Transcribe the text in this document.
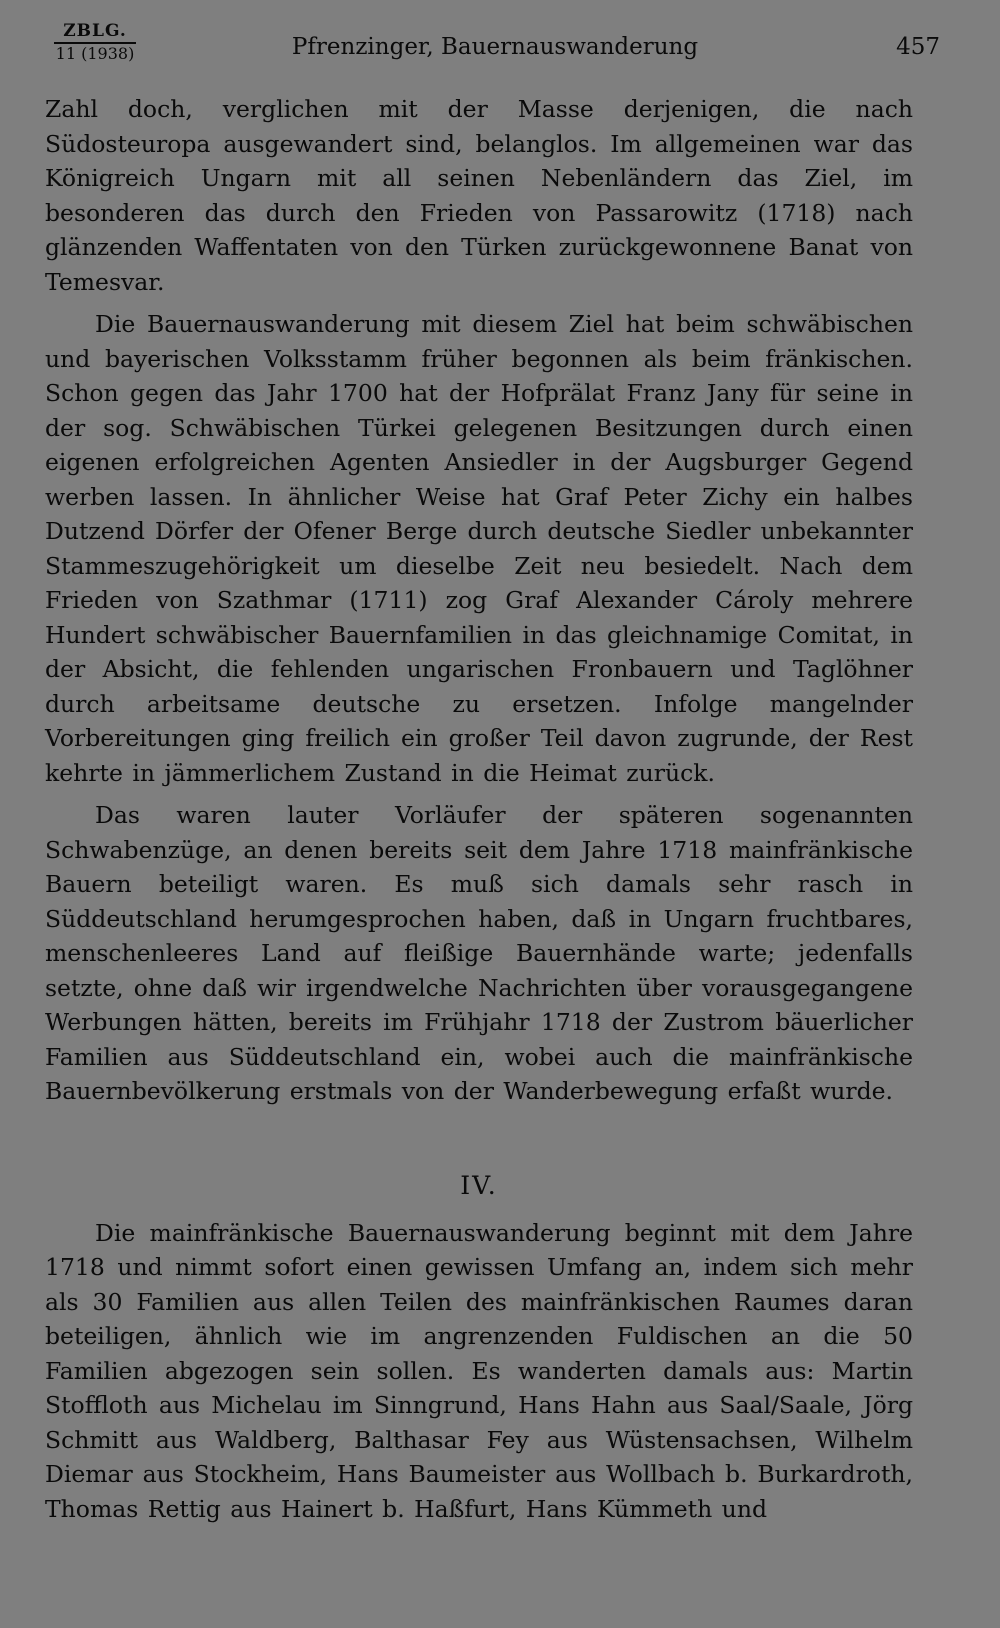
ZBLG.
11 (1938)	Pfrenzinger, Bauernauswanderung	457

Zahl doch, verglichen mit der Masse derjenigen, die nach Südosteuropa ausgewandert sind, belanglos. Im allgemeinen war das Königreich Ungarn mit all seinen Nebenländern das Ziel, im besonderen das durch den Frieden von Passarowitz (1718) nach glänzenden Waffentaten von den Türken zurückgewonnene Banat von Temesvar.

Die Bauernauswanderung mit diesem Ziel hat beim schwäbischen und bayerischen Volksstamm früher begonnen als beim fränkischen. Schon gegen das Jahr 1700 hat der Hofprälat Franz Jany für seine in der sog. Schwäbischen Türkei gelegenen Besitzungen durch einen eigenen erfolgreichen Agenten Ansiedler in der Augsburger Gegend werben lassen. In ähnlicher Weise hat Graf Peter Zichy ein halbes Dutzend Dörfer der Ofener Berge durch deutsche Siedler unbekannter Stammeszugehörigkeit um dieselbe Zeit neu besiedelt. Nach dem Frieden von Szathmar (1711) zog Graf Alexander Cároly mehrere Hundert schwäbischer Bauernfamilien in das gleichnamige Comitat, in der Absicht, die fehlenden ungarischen Fronbauern und Taglöhner durch arbeitsame deutsche zu ersetzen. Infolge mangelnder Vorbereitungen ging freilich ein großer Teil davon zugrunde, der Rest kehrte in jämmerlichem Zustand in die Heimat zurück.

Das waren lauter Vorläufer der späteren sogenannten Schwabenzüge, an denen bereits seit dem Jahre 1718 mainfränkische Bauern beteiligt waren. Es muß sich damals sehr rasch in Süddeutschland herumgesprochen haben, daß in Ungarn fruchtbares, menschenleeres Land auf fleißige Bauernhände warte; jedenfalls setzte, ohne daß wir irgendwelche Nachrichten über vorausgegangene Werbungen hätten, bereits im Frühjahr 1718 der Zustrom bäuerlicher Familien aus Süddeutschland ein, wobei auch die mainfränkische Bauernbevölkerung erstmals von der Wanderbewegung erfaßt wurde.

IV.

Die mainfränkische Bauernauswanderung beginnt mit dem Jahre 1718 und nimmt sofort einen gewissen Umfang an, indem sich mehr als 30 Familien aus allen Teilen des mainfränkischen Raumes daran beteiligen, ähnlich wie im angrenzenden Fuldischen an die 50 Familien abgezogen sein sollen. Es wanderten damals aus: Martin Stoffloth aus Michelau im Sinngrund, Hans Hahn aus Saal/Saale, Jörg Schmitt aus Waldberg, Balthasar Fey aus Wüstensachsen, Wilhelm Diemar aus Stockheim, Hans Baumeister aus Wollbach b. Burkardroth, Thomas Rettig aus Hainert b. Haßfurt, Hans Kümmeth und
